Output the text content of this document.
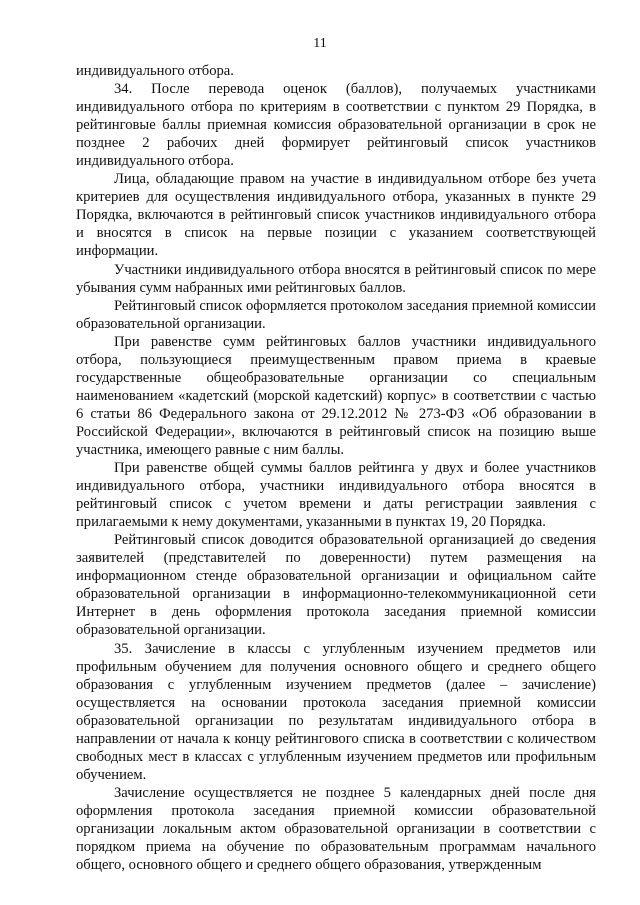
11

индивидуального отбора.

34. После перевода оценок (баллов), получаемых участниками индивидуального отбора по критериям в соответствии с пунктом 29 Порядка, в рейтинговые баллы приемная комиссия образовательной организации в срок не позднее 2 рабочих дней формирует рейтинговый список участников индивидуального отбора.

Лица, обладающие правом на участие в индивидуальном отборе без учета критериев для осуществления индивидуального отбора, указанных в пункте 29 Порядка, включаются в рейтинговый список участников индивидуального отбора и вносятся в список на первые позиции с указанием соответствующей информации.

Участники индивидуального отбора вносятся в рейтинговый список по мере убывания сумм набранных ими рейтинговых баллов.

Рейтинговый список оформляется протоколом заседания приемной комиссии образовательной организации.

При равенстве сумм рейтинговых баллов участники индивидуального отбора, пользующиеся преимущественным правом приема в краевые государственные общеобразовательные организации со специальным наименованием «кадетский (морской кадетский) корпус» в соответствии с частью 6 статьи 86 Федерального закона от 29.12.2012 № 273-ФЗ «Об образовании в Российской Федерации», включаются в рейтинговый список на позицию выше участника, имеющего равные с ним баллы.

При равенстве общей суммы баллов рейтинга у двух и более участников индивидуального отбора, участники индивидуального отбора вносятся в рейтинговый список с учетом времени и даты регистрации заявления с прилагаемыми к нему документами, указанными в пунктах 19, 20 Порядка.

Рейтинговый список доводится образовательной организацией до сведения заявителей (представителей по доверенности) путем размещения на информационном стенде образовательной организации и официальном сайте образовательной организации в информационно-телекоммуникационной сети Интернет в день оформления протокола заседания приемной комиссии образовательной организации.

35. Зачисление в классы с углубленным изучением предметов или профильным обучением для получения основного общего и среднего общего образования с углубленным изучением предметов (далее – зачисление) осуществляется на основании протокола заседания приемной комиссии образовательной организации по результатам индивидуального отбора в направлении от начала к концу рейтингового списка в соответствии с количеством свободных мест в классах с углубленным изучением предметов или профильным обучением.

Зачисление осуществляется не позднее 5 календарных дней после дня оформления протокола заседания приемной комиссии образовательной организации локальным актом образовательной организации в соответствии с порядком приема на обучение по образовательным программам начального общего, основного общего и среднего общего образования, утвержденным
